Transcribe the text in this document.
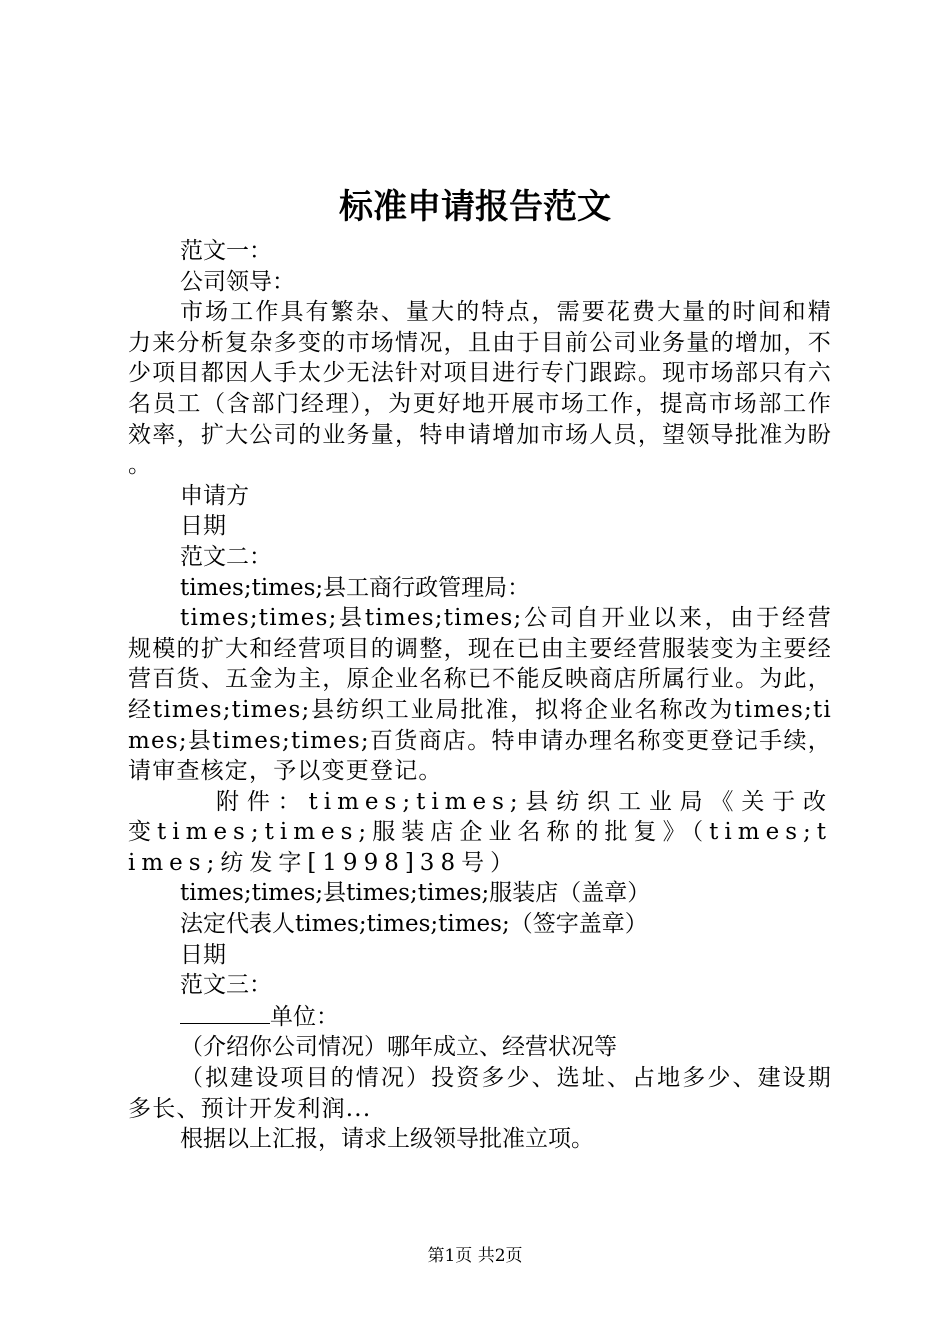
标准申请报告范文

范文一：

公司领导：

市场工作具有繁杂、量大的特点，需要花费大量的时间和精力来分析复杂多变的市场情况，且由于目前公司业务量的增加，不少项目都因人手太少无法针对项目进行专门跟踪。现市场部只有六名员工（含部门经理），为更好地开展市场工作，提高市场部工作效率，扩大公司的业务量，特申请增加市场人员，望领导批准为盼。

申请方

日期

范文二：

times;times;县工商行政管理局：

times;times;县times;times;公司自开业以来，由于经营规模的扩大和经营项目的调整，现在已由主要经营服装变为主要经营百货、五金为主，原企业名称已不能反映商店所属行业。为此，经times;times;县纺织工业局批准，拟将企业名称改为times;times;县times;times;百货商店。特申请办理名称变更登记手续，请审查核定，予以变更登记。

附件：times;times;县纺织工业局《关于改变times;times;服装店企业名称的批复》（times;times;纺发字[1998]38号）

times;times;县times;times;服装店（盖章）

法定代表人times;times;times;（签字盖章）

日期

范文三：

单位：

（介绍你公司情况）哪年成立、经营状况等

（拟建设项目的情况）投资多少、选址、占地多少、建设期多长、预计开发利润...

根据以上汇报，请求上级领导批准立项。

第1页 共2页
